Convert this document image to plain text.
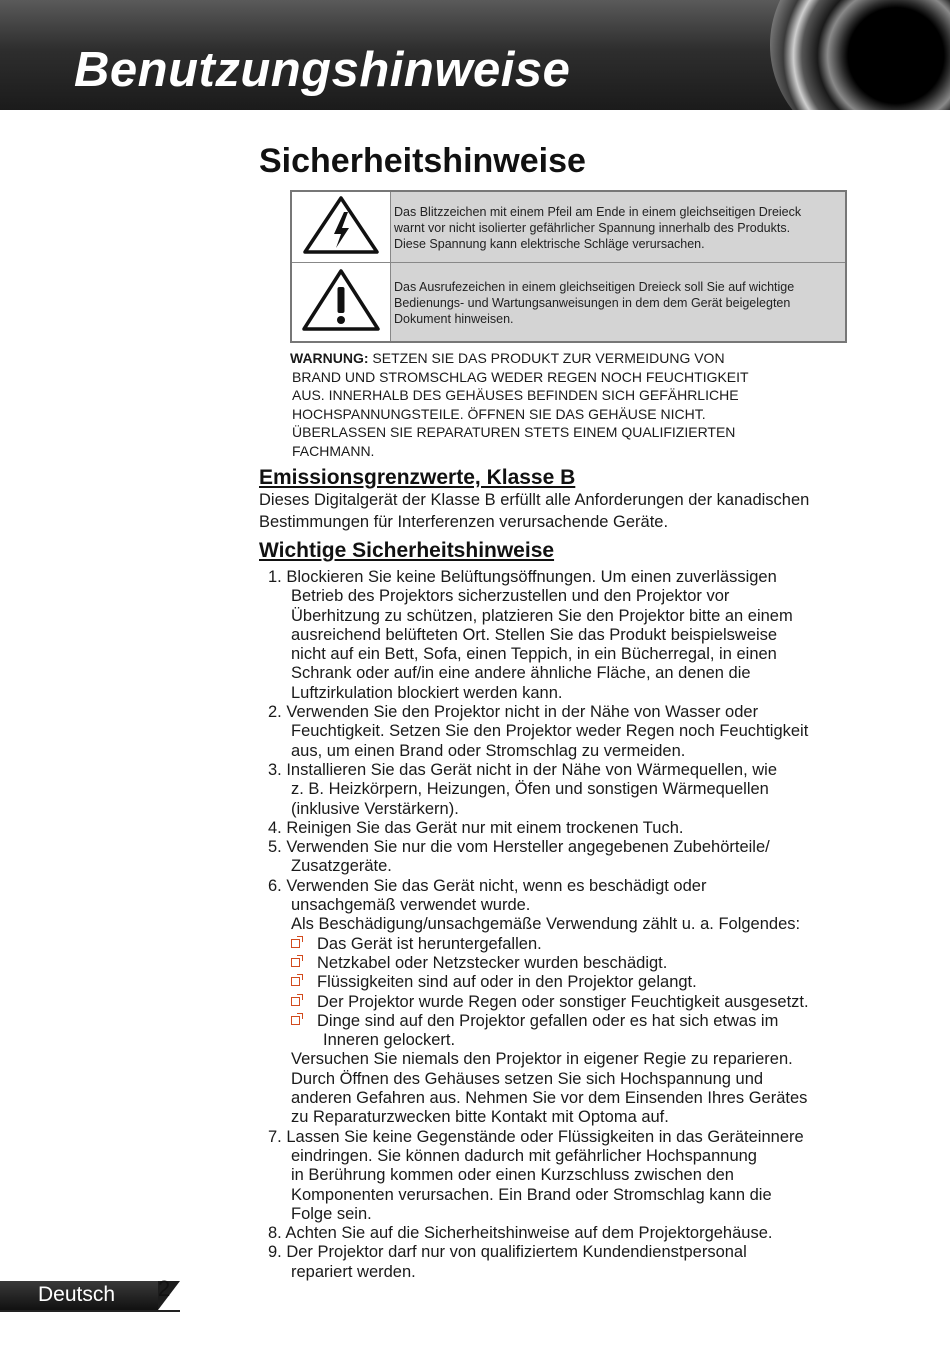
Benutzungshinweise
Sicherheitshinweise

Das Blitzzeichen mit einem Pfeil am Ende in einem gleichseitigen Dreieck
warnt vor nicht isolierter gefährlicher Spannung innerhalb des Produkts.
Diese Spannung kann elektrische Schläge verursachen.

Das Ausrufezeichen in einem gleichseitigen Dreieck soll Sie auf wichtige
Bedienungs- und Wartungsanweisungen in dem dem Gerät beigelegten
Dokument hinweisen.
WARNUNG: SETZEN SIE DAS PRODUKT ZUR VERMEIDUNG VON
BRAND UND STROMSCHLAG WEDER REGEN NOCH FEUCHTIGKEIT
AUS. INNERHALB DES GEHÄUSES BEFINDEN SICH GEFÄHRLICHE
HOCHSPANNUNGSTEILE. ÖFFNEN SIE DAS GEHÄUSE NICHT.
ÜBERLASSEN SIE REPARATUREN STETS EINEM QUALIFIZIERTEN
FACHMANN.
Emissionsgrenzwerte, Klasse B
Dieses Digitalgerät der Klasse B erfüllt alle Anforderungen der kanadischen
Bestimmungen für Interferenzen verursachende Geräte.
Wichtige Sicherheitshinweise
1. Blockieren Sie keine Belüftungsöffnungen. Um einen zuverlässigen
Betrieb des Projektors sicherzustellen und den Projektor vor
Überhitzung zu schützen, platzieren Sie den Projektor bitte an einem
ausreichend belüfteten Ort. Stellen Sie das Produkt beispielsweise
nicht auf ein Bett, Sofa, einen Teppich, in ein Bücherregal, in einen
Schrank oder auf/in eine andere ähnliche Fläche, an denen die
Luftzirkulation blockiert werden kann.
2. Verwenden Sie den Projektor nicht in der Nähe von Wasser oder
Feuchtigkeit. Setzen Sie den Projektor weder Regen noch Feuchtigkeit
aus, um einen Brand oder Stromschlag zu vermeiden.
3. Installieren Sie das Gerät nicht in der Nähe von Wärmequellen, wie
z. B. Heizkörpern, Heizungen, Öfen und sonstigen Wärmequellen
(inklusive Verstärkern).
4. Reinigen Sie das Gerät nur mit einem trockenen Tuch.
5. Verwenden Sie nur die vom Hersteller angegebenen Zubehörteile/
Zusatzgeräte.
6. Verwenden Sie das Gerät nicht, wenn es beschädigt oder
unsachgemäß verwendet wurde.
Als Beschädigung/unsachgemäße Verwendung zählt u. a. Folgendes:
Das Gerät ist heruntergefallen.
Netzkabel oder Netzstecker wurden beschädigt.
Flüssigkeiten sind auf oder in den Projektor gelangt.
Der Projektor wurde Regen oder sonstiger Feuchtigkeit ausgesetzt.
Dinge sind auf den Projektor gefallen oder es hat sich etwas im
Inneren gelockert.
Versuchen Sie niemals den Projektor in eigener Regie zu reparieren.
Durch Öffnen des Gehäuses setzen Sie sich Hochspannung und
anderen Gefahren aus. Nehmen Sie vor dem Einsenden Ihres Gerätes
zu Reparaturzwecken bitte Kontakt mit Optoma auf.
7. Lassen Sie keine Gegenstände oder Flüssigkeiten in das Geräteinnere
eindringen. Sie können dadurch mit gefährlicher Hochspannung
in Berührung kommen oder einen Kurzschluss zwischen den
Komponenten verursachen. Ein Brand oder Stromschlag kann die
Folge sein.
8. Achten Sie auf die Sicherheitshinweise auf dem Projektorgehäuse.
9. Der Projektor darf nur von qualifiziertem Kundendienstpersonal
repariert werden.
Deutsch 2
